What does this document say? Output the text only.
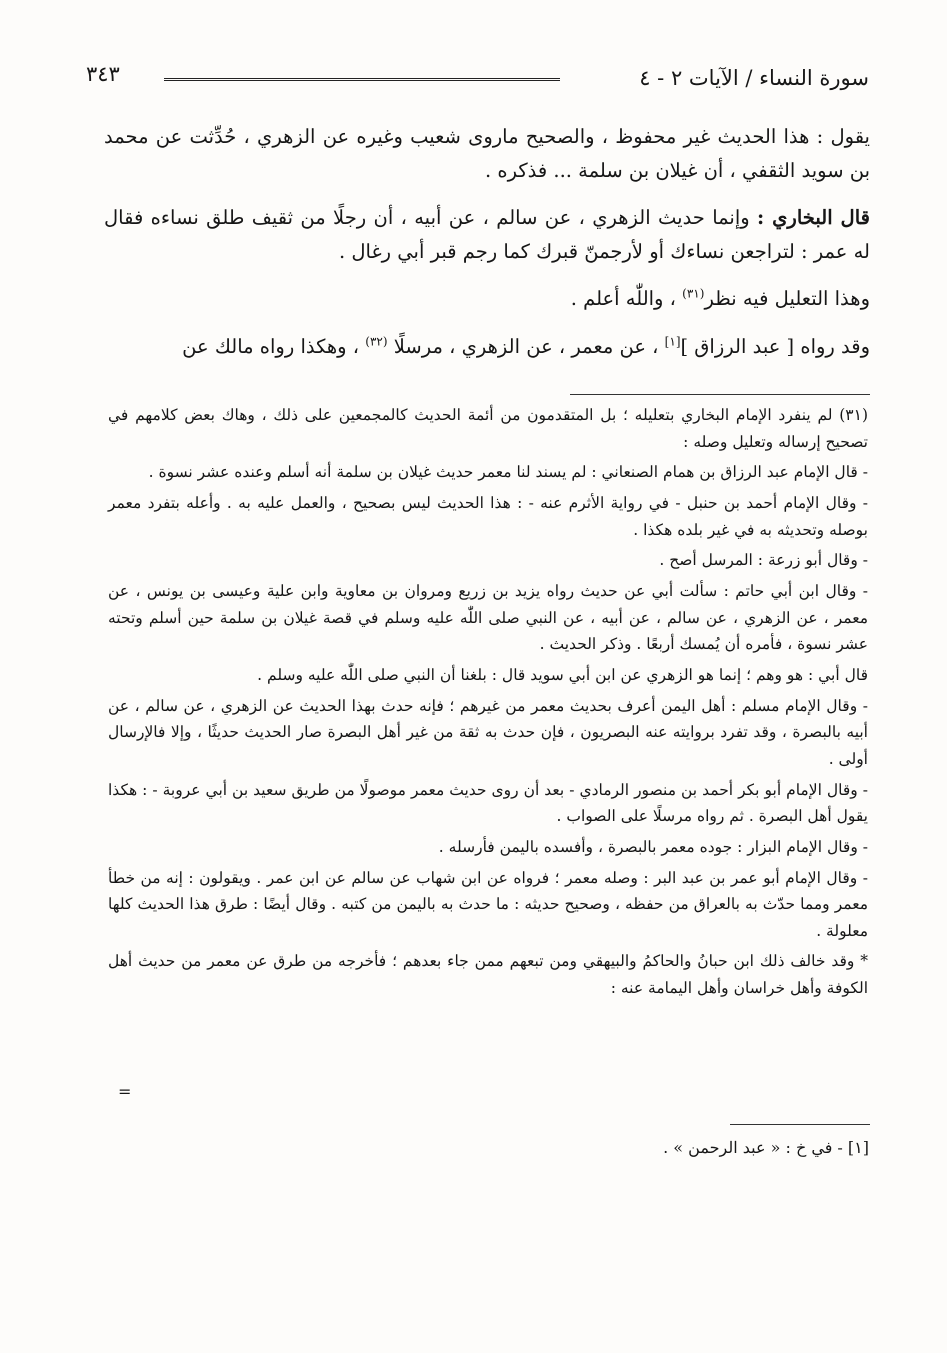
سورة النساء / الآيات ٢ - ٤
٣٤٣

يقول : هذا الحديث غير محفوظ ، والصحيح ماروى شعيب وغيره عن الزهري ، حُدِّثت عن محمد بن سويد الثقفي ، أن غيلان بن سلمة ... فذكره .

قال البخاري : وإنما حديث الزهري ، عن سالم ، عن أبيه ، أن رجلًا من ثقيف طلق نساءه فقال له عمر : لتراجعن نساءك أو لأرجمنّ قبرك كما رجم قبر أبي رغال .

وهذا التعليل فيه نظر$^{(٣١)}$ ، واللّٰه أعلم .

وقد رواه [ عبد الرزاق ][١] ، عن معمر ، عن الزهري ، مرسلًا $^{(٣٢)}$ ، وهكذا رواه مالك عن

(٣١) لم ينفرد الإمام البخاري بتعليله ؛ بل المتقدمون من أئمة الحديث كالمجمعين على ذلك ، وهاك بعض كلامهم في تصحيح إرساله وتعليل وصله :

- قال الإمام عبد الرزاق بن همام الصنعاني : لم يسند لنا معمر حديث غيلان بن سلمة أنه أسلم وعنده عشر نسوة .

- وقال الإمام أحمد بن حنبل - في رواية الأثرم عنه - : هذا الحديث ليس بصحيح ، والعمل عليه به . وأعله بتفرد معمر بوصله وتحديثه به في غير بلده هكذا .

- وقال أبو زرعة : المرسل أصح .

- وقال ابن أبي حاتم : سألت أبي عن حديث رواه يزيد بن زريع ومروان بن معاوية وابن علية وعيسى بن يونس ، عن معمر ، عن الزهري ، عن سالم ، عن أبيه ، عن النبي صلى اللّٰه عليه وسلم في قصة غيلان بن سلمة حين أسلم وتحته عشر نسوة ، فأمره أن يُمسك أربعًا . وذكر الحديث .

قال أبي : هو وهم ؛ إنما هو الزهري عن ابن أبي سويد قال : بلغنا أن النبي صلى اللّٰه عليه وسلم .

- وقال الإمام مسلم : أهل اليمن أعرف بحديث معمر من غيرهم ؛ فإنه حدث بهذا الحديث عن الزهري ، عن سالم ، عن أبيه بالبصرة ، وقد تفرد بروايته عنه البصريون ، فإن حدث به ثقة من غير أهل البصرة صار الحديث حديثًا ، وإلا فالإرسال أولى .

- وقال الإمام أبو بكر أحمد بن منصور الرمادي - بعد أن روى حديث معمر موصولًا من طريق سعيد بن أبي عروبة - : هكذا يقول أهل البصرة . ثم رواه مرسلًا على الصواب .

- وقال الإمام البزار : جوده معمر بالبصرة ، وأفسده باليمن فأرسله .

- وقال الإمام أبو عمر بن عبد البر : وصله معمر ؛ فرواه عن ابن شهاب عن سالم عن ابن عمر . ويقولون : إنه من خطأ معمر ومما حدّث به بالعراق من حفظه ، وصحيح حديثه : ما حدث به باليمن من كتبه . وقال أيضًا : طرق هذا الحديث كلها معلولة .

* وقد خالف ذلك ابن حبانُ والحاكمُ والبيهقي ومن تبعهم ممن جاء بعدهم ؛ فأخرجه من طرق عن معمر من حديث أهل الكوفة وأهل خراسان وأهل اليمامة عنه :

=
[١] - في خ : « عبد الرحمن » .
